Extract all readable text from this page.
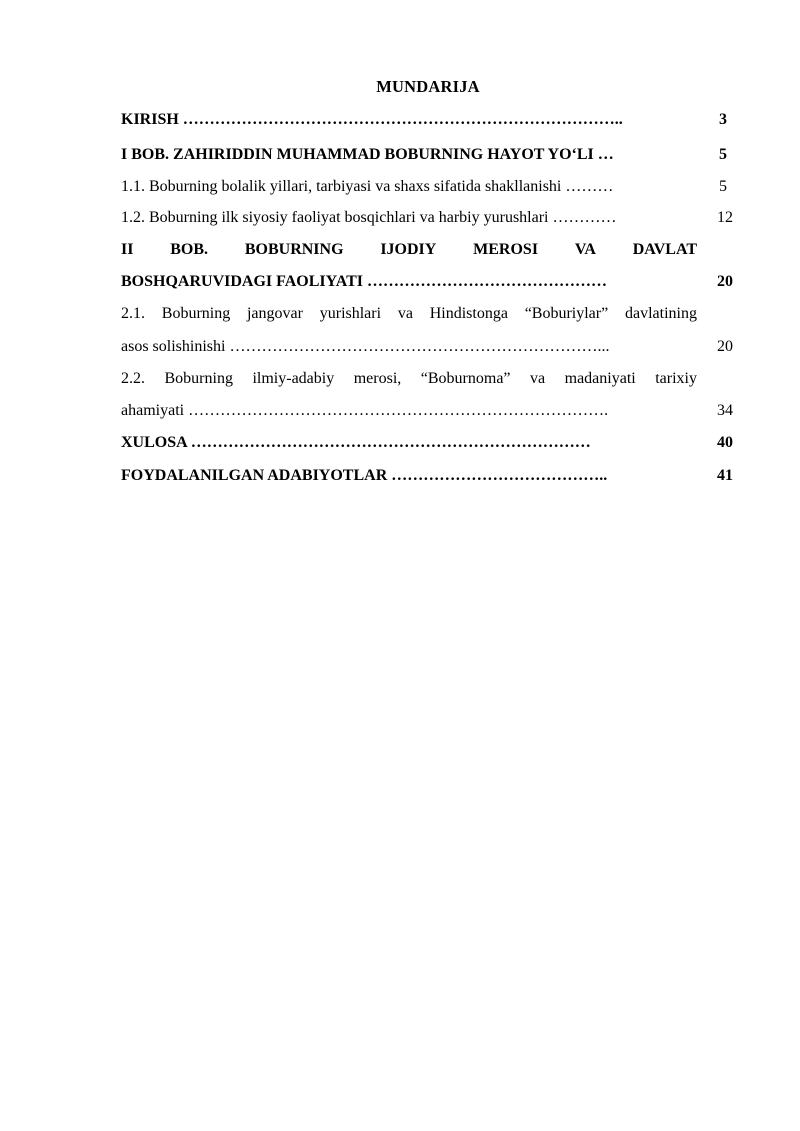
MUNDARIJA
KIRISH ………………………………………………………………………..	3
I BOB. ZAHIRIDDIN MUHAMMAD BOBURNING HAYOT YO‘LI …	5
1.1. Boburning bolalik yillari, tarbiyasi va shaxs sifatida shakllanishi ………	5
1.2. Boburning ilk siyosiy faoliyat bosqichlari va harbiy yurushlari …………	12
II BOB. BOBURNING IJODIY MEROSI VA DAVLAT
BOSHQARUVIDAGI FAOLIYATI ………………………………………	20
2.1. Boburning jangovar yurishlari va Hindistonga “Boburiylar” davlatining
asos solishinishi ……………………………………………………………...	20
2.2. Boburning ilmiy-adabiy merosi, “Boburnoma” va madaniyati tarixiy
ahamiyati …………………………………………………………………….	34
XULOSA …………………………………………………………………	40
FOYDALANILGAN ADABIYOTLAR …………………………………..	41
